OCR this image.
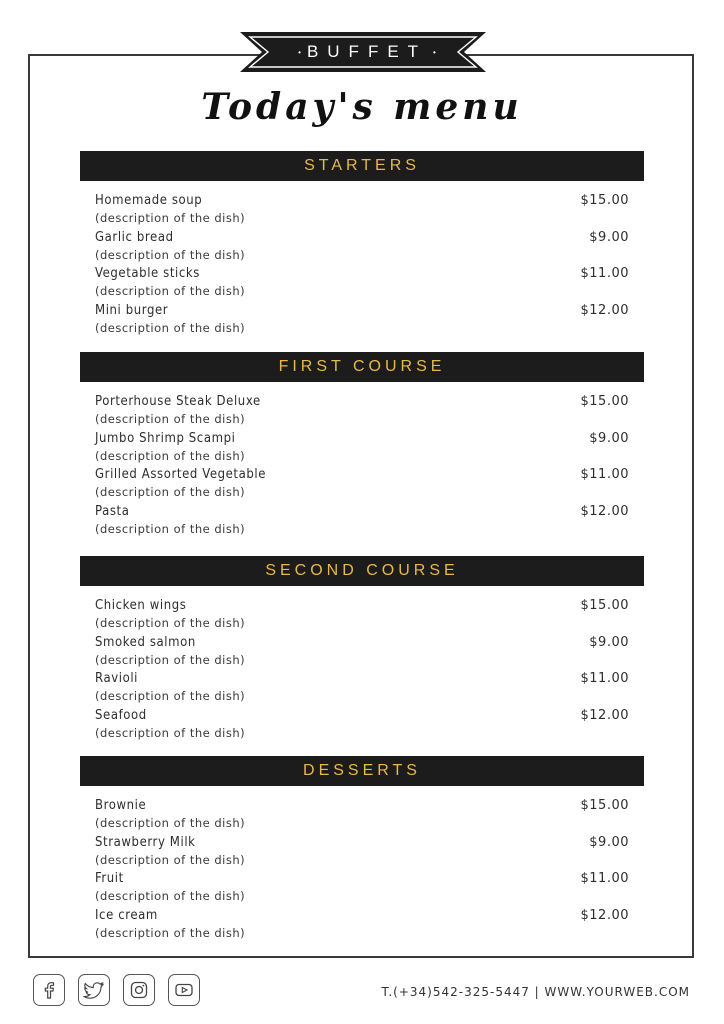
• BUFFET •
Today's menu
STARTERS
Homemade soup
(description of the dish)
$15.00
Garlic bread
(description of the dish)
$9.00
Vegetable sticks
(description of the dish)
$11.00
Mini burger
(description of the dish)
$12.00
FIRST COURSE
Porterhouse Steak Deluxe
(description of the dish)
$15.00
Jumbo Shrimp Scampi
(description of the dish)
$9.00
Grilled Assorted Vegetable
(description of the dish)
$11.00
Pasta
(description of the dish)
$12.00
SECOND COURSE
Chicken wings
(description of the dish)
$15.00
Smoked salmon
(description of the dish)
$9.00
Ravioli
(description of the dish)
$11.00
Seafood
(description of the dish)
$12.00
DESSERTS
Brownie
(description of the dish)
$15.00
Strawberry Milk
(description of the dish)
$9.00
Fruit
(description of the dish)
$11.00
Ice cream
(description of the dish)
$12.00
T.(+34)542-325-5447 | WWW.YOURWEB.COM
